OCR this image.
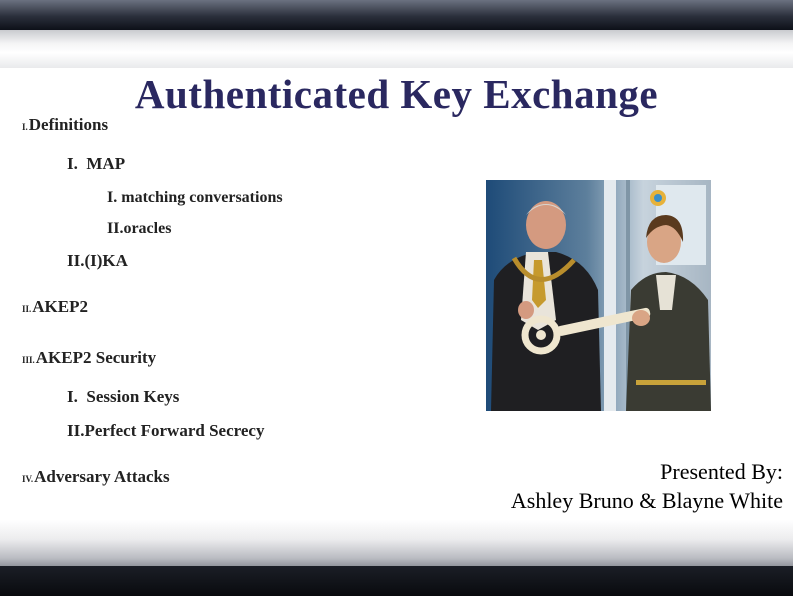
Authenticated Key Exchange
I.Definitions
I. MAP
I. matching conversations
II.oracles
II.(I)KA
II.AKEP2
III.AKEP2 Security
I. Session Keys
II.Perfect Forward Secrecy
IV.Adversary Attacks	Presented By:
Ashley Bruno & Blayne White
